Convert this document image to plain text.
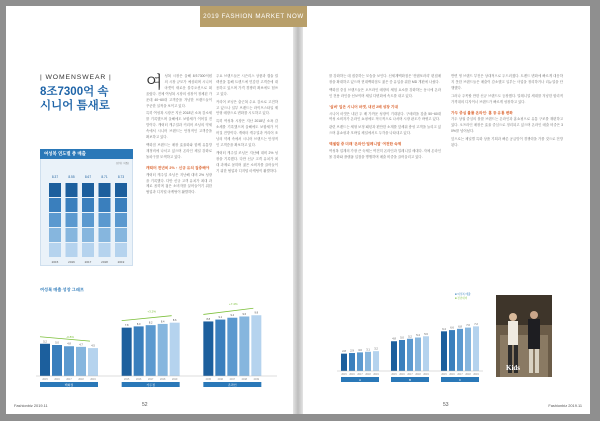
| WOMENSWEAR |
8조7300억 속
시니어 틈새로
여성복 연도별 총 매출
(단위: 억원)
8.37
2015
8.55
2016
8.67
2017
8.71
2018
8.73
2019

여성복 시장은 올해 8조7300억원의 시장 규모가 예상되며 시니어 마켓이 새로운 블루오션으로 떠올랐다. 전체 여성복 시장의 성장이 정체된 가운데 40~60대 고객층을 겨냥한 브랜드들이 꾸준한 실적을 보이고 있다.

특히 여성복 시장은 지난 2018년 소폭 감소세를 기록했으며 올해에도 보합세가 이어질 전망이다. 캐릭터 캐주얼과 커리어 조닝의 약세 속에서 시니어 브랜드는 안정적인 고객층을 확보하고 있다.

백화점 브랜드는 매장 효율화와 함께 유통망 재정비에 나서고 있으며 온라인 채널 강화로 돌파구를 모색하고 있다.

캐릭터 전년비 2% ↑ 신규 유치 집중해야

캐릭터 캐주얼 조닝은 지난해 대비 2% 성장을 기록했다. 다만 신규 고객 유치가 최대 과제로 꼽히며 젊은 소비자를 끌어들이기 위한 협업과 디지털 마케팅이 활발하다.

주요 브랜드들은 시즌리스 상품과 캡슐 컬렉션을 통해 트렌드에 민감한 고객층에 대응하고 있으며 가격 경쟁력 확보에도 힘쓰고 있다.

커리어 조닝은 출근복 수요 감소로 고전하고 있으나 일부 브랜드는 라이프스타일 제안형 매장으로 변화를 시도하고 있다.

특히 여성복 시장은 지난 2018년 소폭 감소세를 기록했으며 올해에도 보합세가 이어질 전망이다. 캐릭터 캐주얼과 커리어 조닝의 약세 속에서 시니어 브랜드는 안정적인 고객층을 확보하고 있다.

캐릭터 캐주얼 조닝은 지난해 대비 2% 성장을 기록했다. 다만 신규 고객 유치가 최대 과제로 꼽히며 젊은 소비자를 끌어들이기 위한 협업과 디지털 마케팅이 활발하다.

여성복 매출 성장 그래프
5.2
2015
5.0
2016
4.8
2017
4.7
2018
4.5
2019
백화점
-0.8%
7.8
2015
8.0
2016
8.2
2017
8.4
2018
8.6
2019
가두점
+3.2%
8.8
2015
9.1
2016
9.4
2017
9.6
2018
9.8
2019
온라인
+7.4%
Fashionbiz 2019.11	52

를 강화하는 데 집중하는 모습을 보인다. 신세계백화점은 '컨템포러리' 편집매장을 확대하고 있으며 현대백화점도 젊은 층 유입을 위한 MD 개편에 나섰다.

백화점 중심 브랜드들은 오프라인 매장의 체험 요소를 강화하는 동시에 온라인 전용 라인을 선보이며 채널 다변화에 속도를 내고 있다.

'실버' 입은 시니어 마켓, 내년 2배 성장 기대

시니어 마켓은 내년 두 배 가까운 성장이 기대된다. 구매력을 갖춘 50~60대 여성 소비자가 온라인 쇼핑에도 적극적으로 나서며 시장 판도가 바뀌고 있다.

관련 브랜드는 체형 보정 패턴과 편안한 소재를 앞세워 충성 고객을 늘리고 있으며 홈쇼핑과 모바일 채널에서도 두각을 나타내고 있다.

엑셀럼 중 미래 '온라인·밀레니얼' 여전한 숙제

여성복 업계의 가장 큰 숙제는 여전히 온라인과 밀레니얼 세대다. 자체 온라인몰 강화와 플랫폼 입점을 병행하며 매출 비중을 끌어올리고 있다.

반면 영 브랜드 부진은 상대적으로 두드러졌다. 트렌드 변화에 빠르게 대응하지 못한 브랜드들은 매출이 감소했고 일부는 사업을 정리하거나 리뉴얼을 단행했다.

그러나 주목할 만한 신규 브랜드도 등장했다. 밀레니얼 세대를 겨냥한 합리적 가격대의 디자이너 브랜드가 빠르게 성장하고 있다.

가두 중심 볼륨 온라인· 홈 등 유통 변화

가두 상권 중심의 볼륨 브랜드는 온라인과 홈쇼핑으로 유통 구조를 재편하고 있다. 오프라인 매장은 효율 중심으로 정리되고 있으며 온라인 매출 비중은 30%를 넘어섰다.

앞으로는 채널별 특화 상품 기획과 빠른 공급망이 경쟁력을 가를 것으로 전망된다.

2.8
2015
2.9
2016
3.0
2017
3.1
2018
3.2
2019
A
4.8
2015
5.0
2016
5.2
2017
5.4
2018
5.6
2019
B
6.4
2015
6.6
2016
6.8
2017
7.0
2018
7.2
2019
C
■ 여성복 매출
■ 전년대비
Kids
53	Fashionbiz 2019.11
2019 FASHION MARKET NOW
